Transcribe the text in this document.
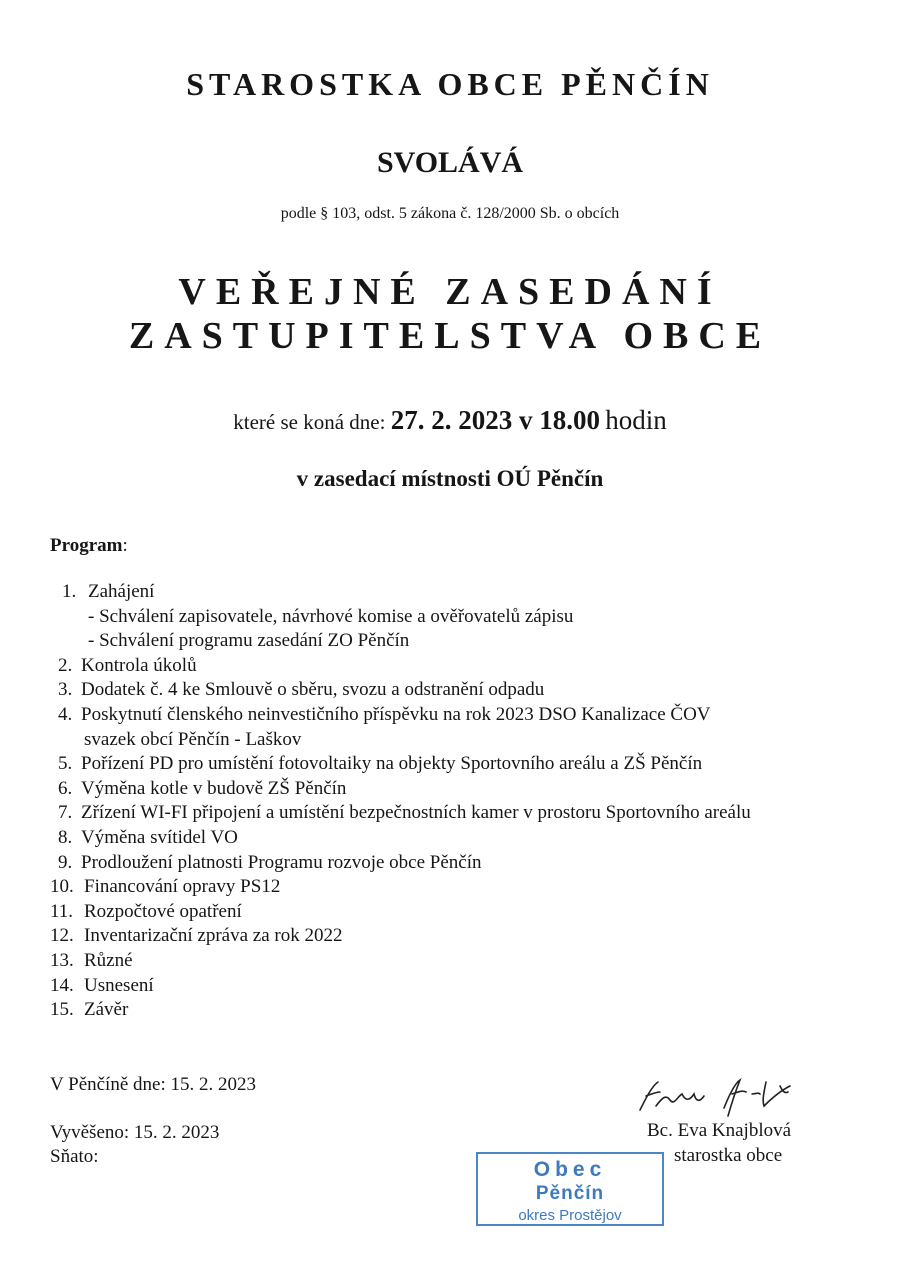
STAROSTKA OBCE PĚNČÍN
SVOLÁVÁ
podle § 103, odst. 5 zákona č. 128/2000 Sb. o obcích
VEŘEJNÉ ZASEDÁNÍ
ZASTUPITELSTVA OBCE
které se koná dne: 27. 2. 2023 v 18.00 hodin
v zasedací místnosti OÚ Pěnčín
Program:
1. Zahájení
- Schválení zapisovatele, návrhové komise a ověřovatelů zápisu
- Schválení programu zasedání ZO Pěnčín
2. Kontrola úkolů
3. Dodatek č. 4 ke Smlouvě o sběru, svozu a odstranění odpadu
4. Poskytnutí členského neinvestičního příspěvku na rok 2023 DSO Kanalizace ČOV
svazek obcí Pěnčín - Laškov
5. Pořízení PD pro umístění fotovoltaiky na objekty Sportovního areálu a ZŠ Pěnčín
6. Výměna kotle v budově ZŠ Pěnčín
7. Zřízení WI-FI připojení a umístění bezpečnostních kamer v prostoru Sportovního areálu
8. Výměna svítidel VO
9. Prodloužení platnosti Programu rozvoje obce Pěnčín
10. Financování opravy PS12
11. Rozpočtové opatření
12. Inventarizační zpráva za rok 2022
13. Různé
14. Usnesení
15. Závěr
V Pěnčíně dne: 15. 2. 2023
Vyvěšeno: 15. 2. 2023
Sňato:
Bc. Eva Knajblová
starostka obce
Obec
Pěnčín
okres Prostějov
